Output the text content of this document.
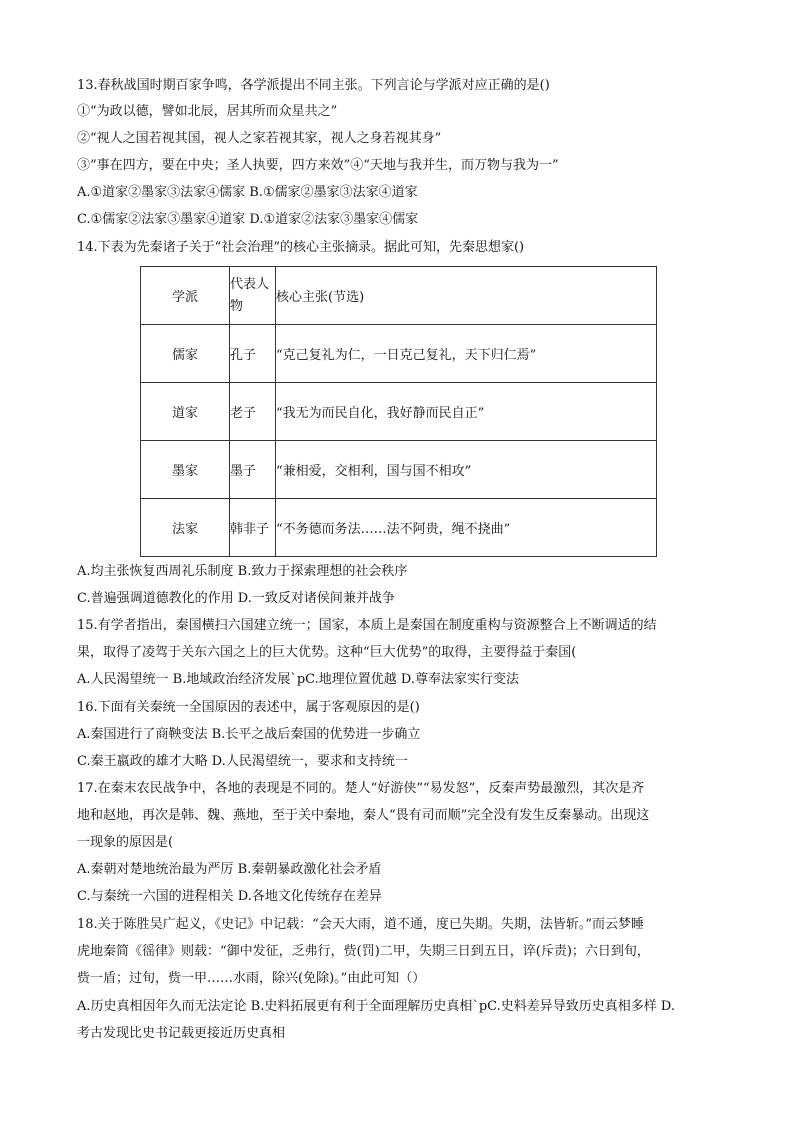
13.春秋战国时期百家争鸣，各学派提出不同主张。下列言论与学派对应正确的是()
①“为政以德，譬如北辰，居其所而众星共之”
②“视人之国若视其国，视人之家若视其家，视人之身若视其身”
③“事在四方，要在中央；圣人执要，四方来效”④“天地与我并生，而万物与我为一”
A.①道家②墨家③法家④儒家 B.①儒家②墨家③法家④道家
C.①儒家②法家③墨家④道家 D.①道家②法家③墨家④儒家
14.下表为先秦诸子关于“社会治理”的核心主张摘录。据此可知，先秦思想家()
学派	代表人物	核心主张(节选)
儒家	孔子	“克己复礼为仁，一日克己复礼，天下归仁焉”
道家	老子	“我无为而民自化，我好静而民自正”
墨家	墨子	“兼相爱，交相利，国与国不相攻”
法家	韩非子	“不务德而务法……法不阿贵，绳不挠曲”
A.均主张恢复西周礼乐制度 B.致力于探索理想的社会秩序
C.普遍强调道德教化的作用 D.一致反对诸侯间兼并战争
15.有学者指出，秦国横扫六国建立统一；国家，本质上是秦国在制度重构与资源整合上不断调适的结
果，取得了凌驾于关东六国之上的巨大优势。这种“巨大优势”的取得，主要得益于秦国(
A.人民渴望统一 B.地域政治经济发展`pC.地理位置优越 D.尊奉法家实行变法
16.下面有关秦统一全国原因的表述中，属于客观原因的是()
A.秦国进行了商鞅变法 B.长平之战后秦国的优势进一步确立
C.秦王嬴政的雄才大略 D.人民渴望统一，要求和支持统一
17.在秦末农民战争中，各地的表现是不同的。楚人“好游侠”“易发怒”，反秦声势最激烈，其次是齐
地和赵地，再次是韩、魏、燕地，至于关中秦地，秦人“畏有司而顺”完全没有发生反秦暴动。出现这
一现象的原因是(
A.秦朝对楚地统治最为严厉 B.秦朝暴政激化社会矛盾
C.与秦统一六国的进程相关 D.各地文化传统存在差异
18.关于陈胜吴广起义，《史记》中记载：“会天大雨，道不通，度已失期。失期，法皆斩。”而云梦睡
虎地秦简《徭律》则载：“御中发征，乏弗行，赀(罚)二甲，失期三日到五日，谇(斥责)；六日到旬，
赀一盾；过旬，赀一甲……水雨，除兴(免除)。”由此可知（）
A.历史真相因年久而无法定论 B.史料拓展更有利于全面理解历史真相`pC.史料差异导致历史真相多样 D.
考古发现比史书记载更接近历史真相
